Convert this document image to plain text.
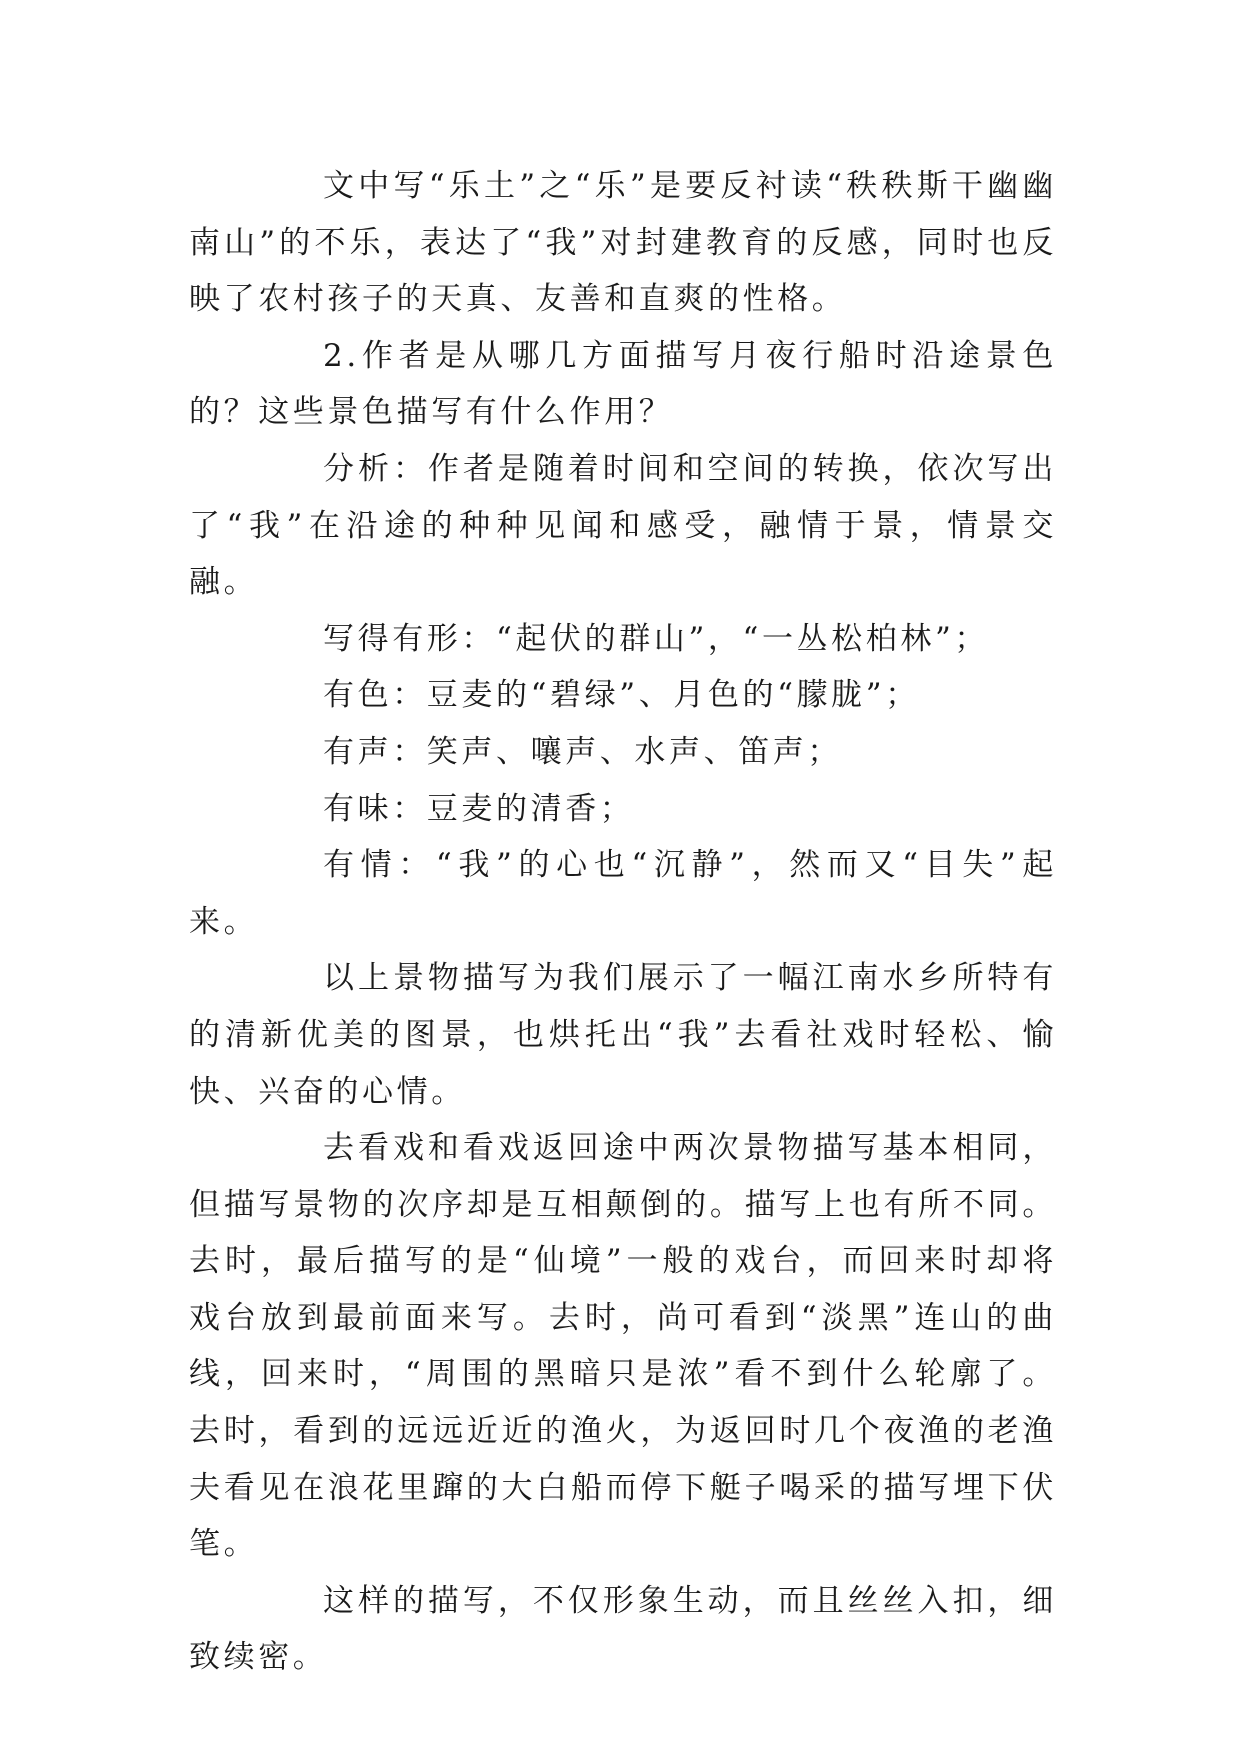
文中写“乐土”之“乐”是要反衬读“秩秩斯干幽幽南山”的不乐，表达了“我”对封建教育的反感，同时也反映了农村孩子的天真、友善和直爽的性格。

2.作者是从哪几方面描写月夜行船时沿途景色的？这些景色描写有什么作用？

分析：作者是随着时间和空间的转换，依次写出了“我”在沿途的种种见闻和感受，融情于景，情景交融。

写得有形：“起伏的群山”，“一丛松柏林”；

有色：豆麦的“碧绿”、月色的“朦胧”；

有声：笑声、嚷声、水声、笛声；

有味：豆麦的清香；

有情：“我”的心也“沉静”，然而又“目失”起来。

以上景物描写为我们展示了一幅江南水乡所特有的清新优美的图景，也烘托出“我”去看社戏时轻松、愉快、兴奋的心情。

去看戏和看戏返回途中两次景物描写基本相同，但描写景物的次序却是互相颠倒的。描写上也有所不同。去时，最后描写的是“仙境”一般的戏台，而回来时却将戏台放到最前面来写。去时，尚可看到“淡黑”连山的曲线，回来时，“周围的黑暗只是浓”看不到什么轮廓了。去时，看到的远远近近的渔火，为返回时几个夜渔的老渔夫看见在浪花里蹿的大白船而停下艇子喝采的描写埋下伏笔。

这样的描写，不仅形象生动，而且丝丝入扣，细致续密。
